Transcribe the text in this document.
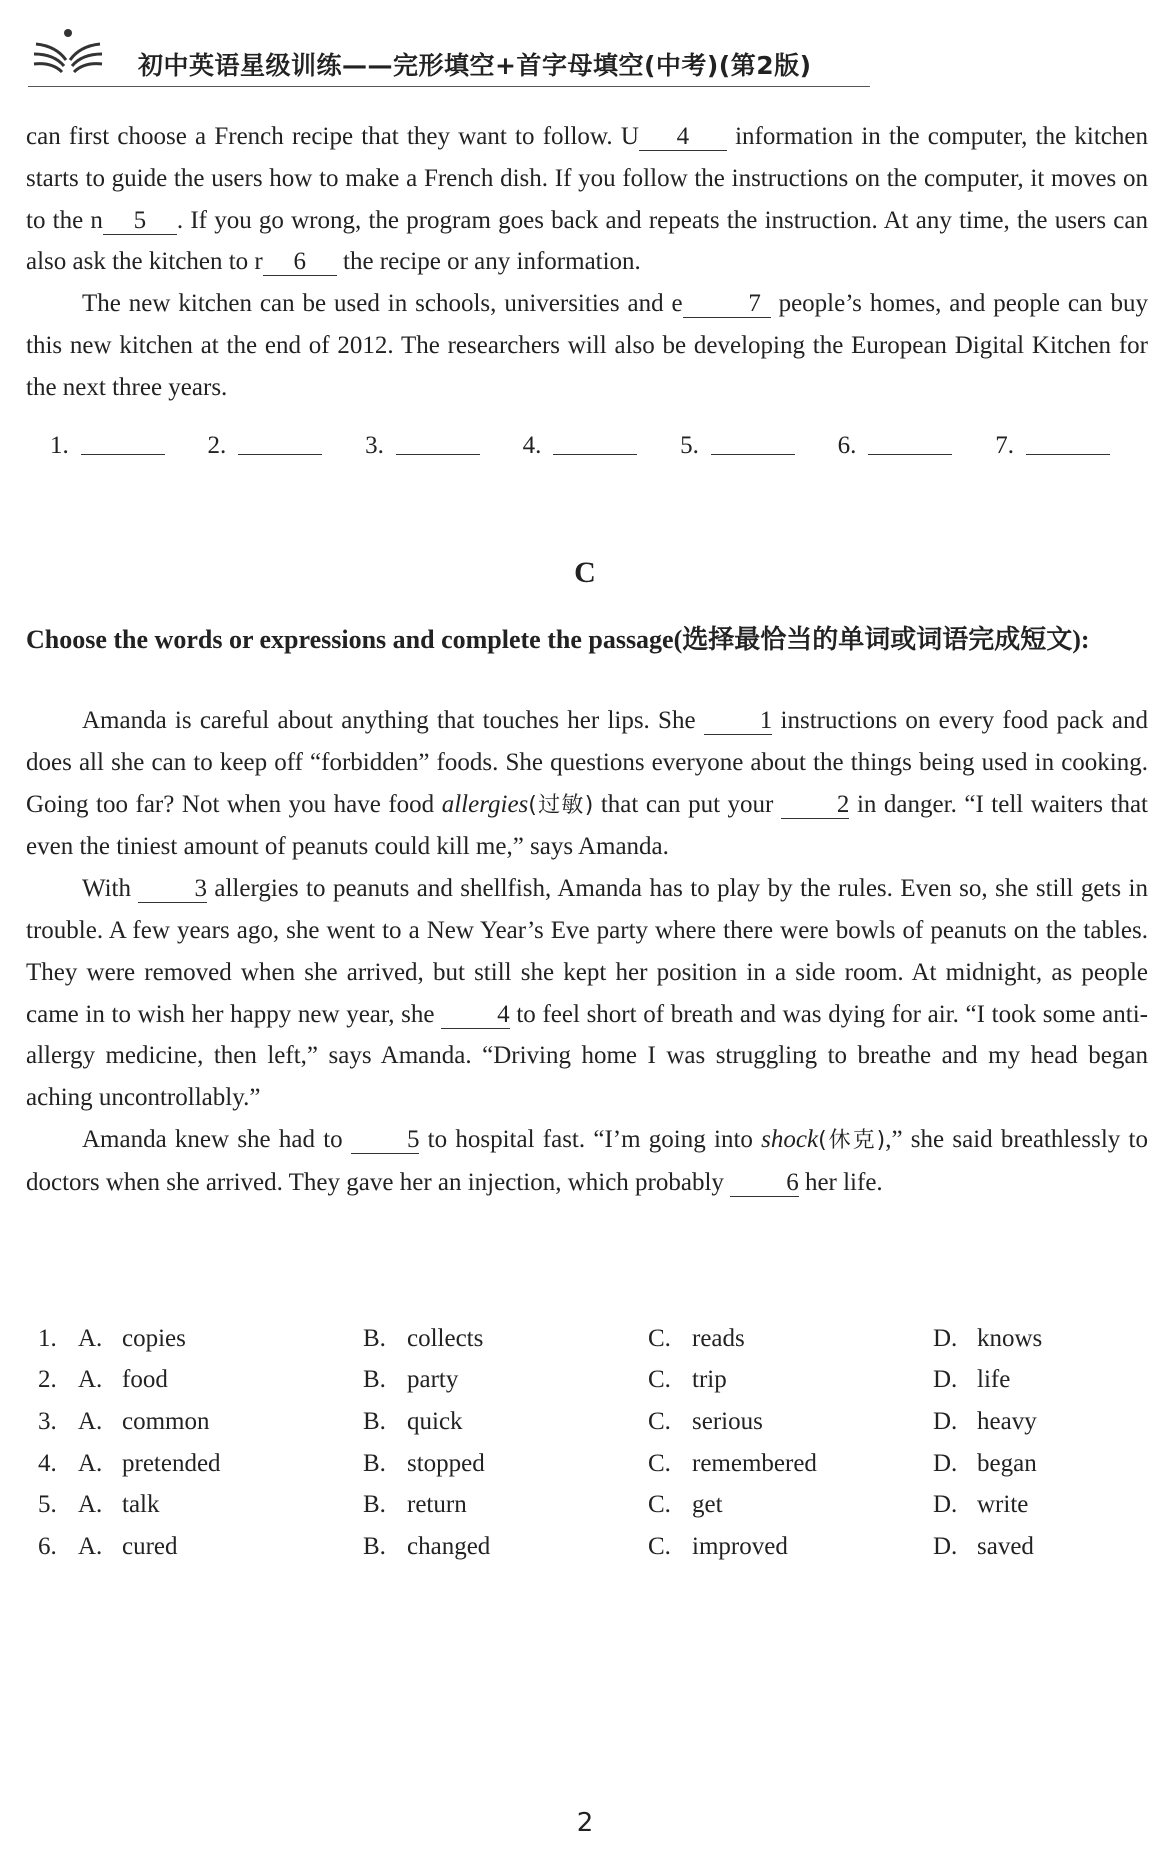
初中英语星级训练——完形填空+首字母填空(中考)(第2版)

can first choose a French recipe that they want to follow. U 4 information in the computer, the kitchen starts to guide the users how to make a French dish. If you follow the instructions on the computer, it moves on to the n 5 . If you go wrong, the program goes back and repeats the instruction. At any time, the users can also ask the kitchen to r 6 the recipe or any information.

The new kitchen can be used in schools, universities and e	7 people’s homes, and people can buy this new kitchen at the end of 2012. The researchers will also be developing the European Digital Kitchen for the next three years.

1.	2.	3.	4.	5.	6.	7.
C
Choose the words or expressions and complete the passage(选择最恰当的单词或词语完成短文):

Amanda is careful about anything that touches her lips. She 1 instructions on every food pack and does all she can to keep off “forbidden” foods. She questions everyone about the things being used in cooking. Going too far? Not when you have food allergies(过敏) that can put your 2 in danger. “I tell waiters that even the tiniest amount of peanuts could kill me,” says Amanda.

With 3 allergies to peanuts and shellfish, Amanda has to play by the rules. Even so, she still gets in trouble. A few years ago, she went to a New Year’s Eve party where there were bowls of peanuts on the tables. They were removed when she arrived, but still she kept her position in a side room. At midnight, as people came in to wish her happy new year, she 4 to feel short of breath and was dying for air. “I took some anti-allergy medicine, then left,” says Amanda. “Driving home I was struggling to breathe and my head began aching uncontrollably.”

Amanda knew she had to 5 to hospital fast. “I’m going into shock(休克),” she said breathlessly to doctors when she arrived. They gave her an injection, which probably 6 her life.

1. A. copies	B. collects	C. reads	D. knows
2. A. food	B. party	C. trip	D. life
3. A. common	B. quick	C. serious	D. heavy
4. A. pretended	B. stopped	C. remembered	D. began
5. A. talk	B. return	C. get	D. write
6. A. cured	B. changed	C. improved	D. saved
2
